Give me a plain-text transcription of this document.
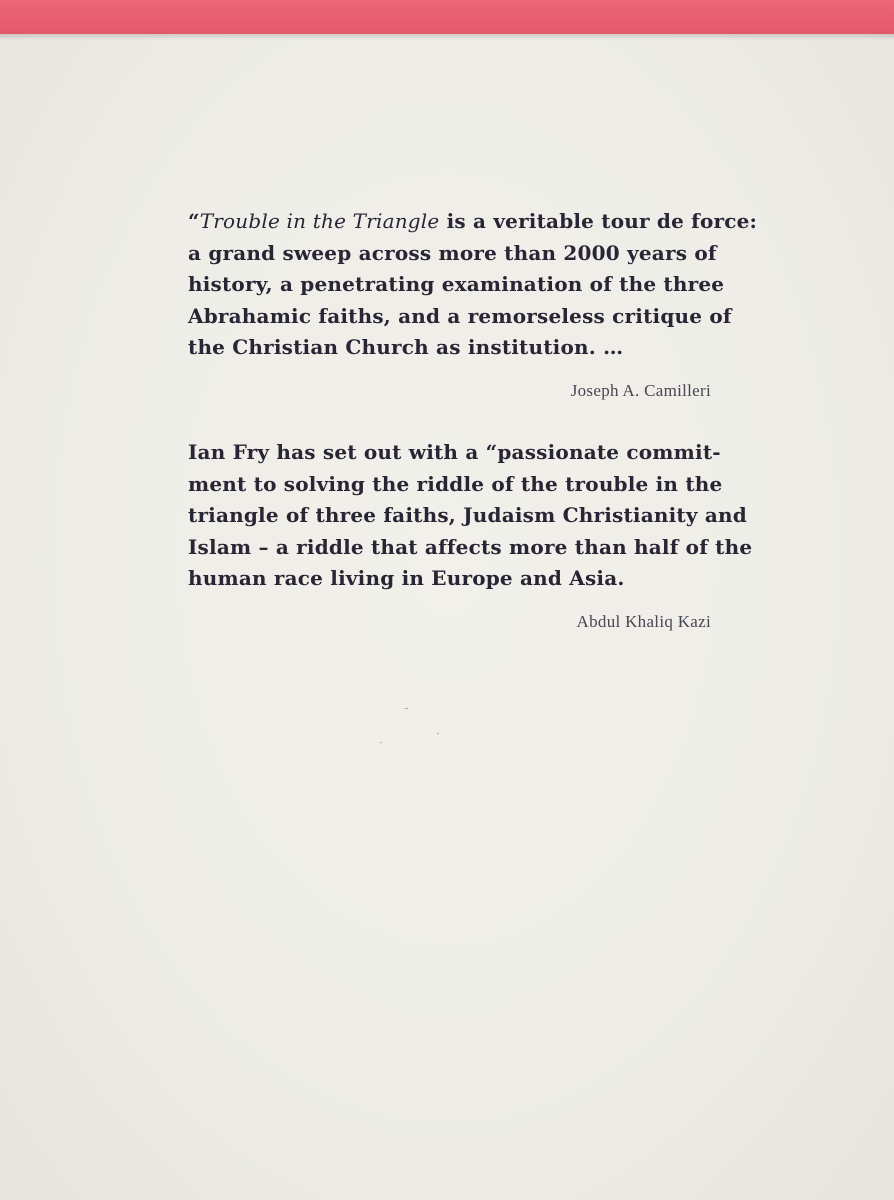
“Trouble in the Triangle is a veritable tour de force:
a grand sweep across more than 2000 years of
history, a penetrating examination of the three
Abrahamic faiths, and a remorseless critique of
the Christian Church as institution. …
Joseph A. Camilleri
Ian Fry has set out with a “passionate commit-
ment to solving the riddle of the trouble in the
triangle of three faiths, Judaism Christianity and
Islam – a riddle that affects more than half of the
human race living in Europe and Asia.
Abdul Khaliq Kazi
